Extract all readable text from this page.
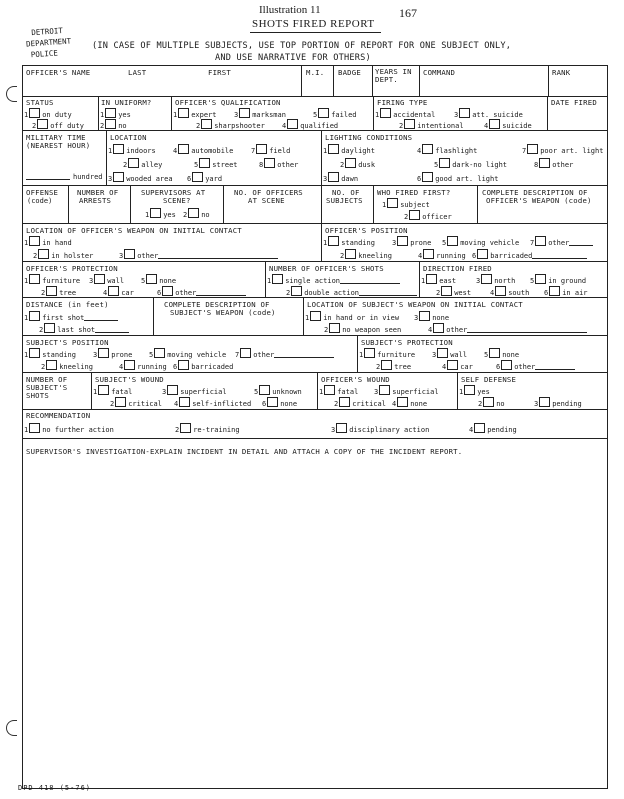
Illustration 11	167
SHOTS FIRED REPORT
DETROIT
DEPARTMENT
POLICE
(IN CASE OF MULTIPLE SUBJECTS, USE TOP PORTION OF REPORT FOR ONE SUBJECT ONLY,
AND USE NARRATIVE FOR OTHERS)
OFFICER'S NAME	LAST	FIRST	M.I. BADGE YEARS IN
DEPT.
COMMAND	RANK
STATUS
1 on duty
2 off duty
IN UNIFORM?
1 yes
2 no
OFFICER'S QUALIFICATION
1 expert 3 marksman	5 failed
2 sharpshooter 4 qualified
FIRING TYPE
1 accidental	3 att. suicide
2 intentional	4 suicide
DATE FIRED
MILITARY TIME
(NEAREST HOUR)
hundred
LOCATION
1 indoors 4 automobile	7 field
2 alley	5 street	8 other
3 wooded area 6 yard
LIGHTING CONDITIONS
1 daylight	4 flashlight	7 poor art. light
2 dusk	5 dark-no light	8 other
3 dawn	6 good art. light
OFFENSE
(code)
NUMBER OF
ARRESTS
SUPERVISORS AT
SCENE?
1 yes 2 no
NO. OF OFFICERS
AT SCENE
NO. OF
SUBJECTS
WHO FIRED FIRST?
1 subject
2 officer
COMPLETE DESCRIPTION OF
OFFICER'S WEAPON (code)
LOCATION OF OFFICER'S WEAPON ON INITIAL CONTACT
1 in hand
2 in holster	3 other
OFFICER'S POSITION
1 standing 3 prone 5 moving vehicle 7 other
2 kneeling	4 running 6 barricaded
OFFICER'S PROTECTION
1 furniture 3 wall 5 none
2 tree	4 car	6 other
NUMBER OF OFFICER'S SHOTS
1 single action
2 double action
DIRECTION FIRED
1 east	3 north 5 in ground
2 west	4 south 6 in air
DISTANCE (in feet)
1 first shot
2 last shot
COMPLETE DESCRIPTION OF
SUBJECT'S WEAPON (code)
LOCATION OF SUBJECT'S WEAPON ON INITIAL CONTACT
1 in hand or in view 3 none
2 no weapon seen	4 other
SUBJECT'S POSITION
1 standing 3 prone 5 moving vehicle 7 other
2 kneeling	4 running 6 barricaded
SUBJECT'S PROTECTION
1 furniture 3 wall 5 none
2 tree	4 car	6 other
NUMBER OF
SUBJECT'S
SHOTS
SUBJECT'S WOUND
1 fatal	3 superficial	5 unknown
2 critical 4 self-inflicted 6 none
OFFICER'S WOUND
1 fatal 3 superficial
2 critical 4 none
SELF DEFENSE
1 yes
2 no	3 pending
RECOMMENDATION
1 no further action	2 re-training	3 disciplinary action	4 pending
SUPERVISOR'S INVESTIGATION-EXPLAIN INCIDENT IN DETAIL AND ATTACH A COPY OF THE INCIDENT REPORT.
DPD 418 (5-76)
